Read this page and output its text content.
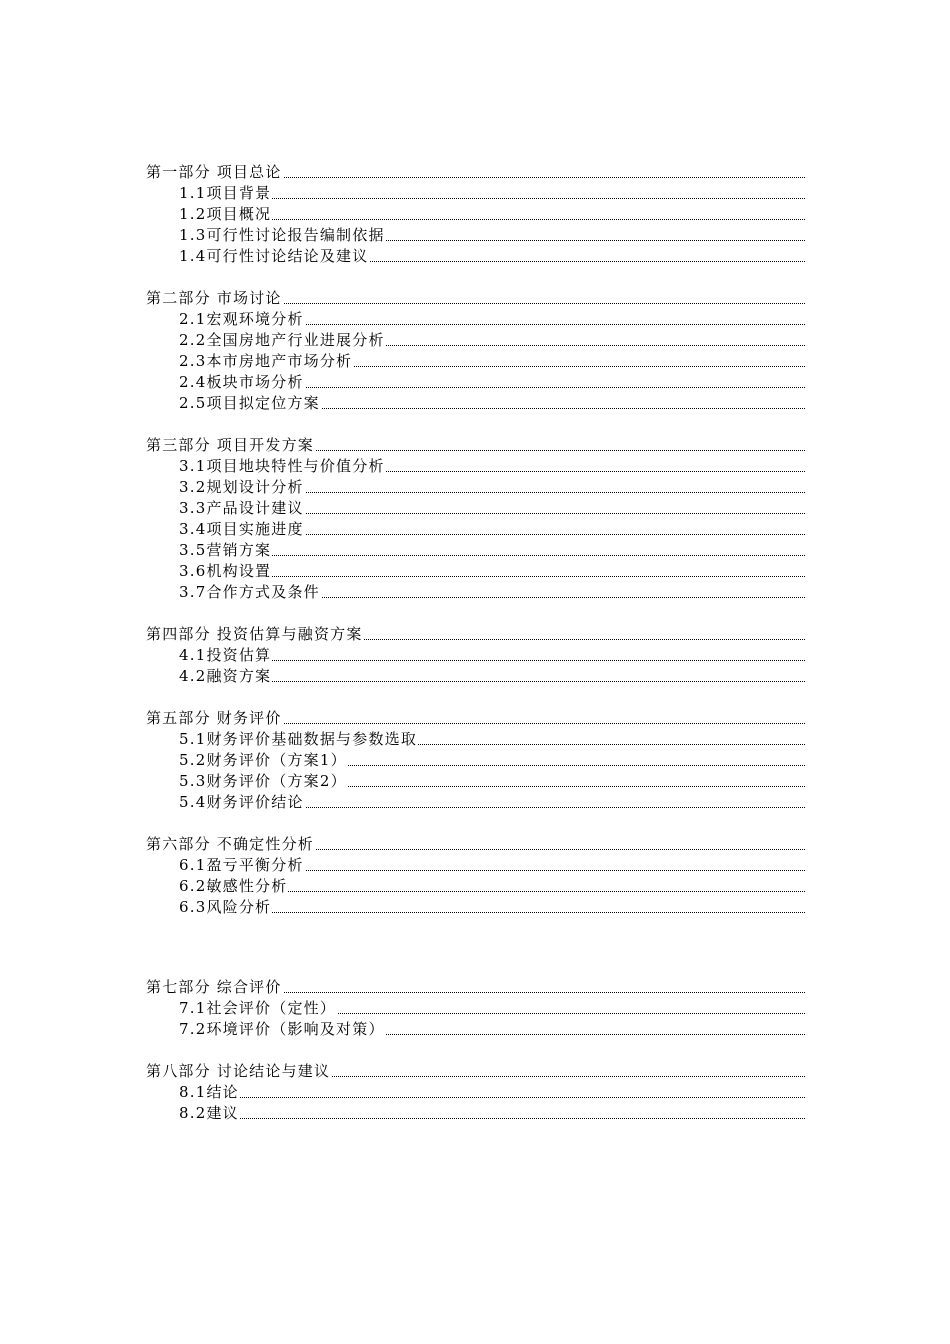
第一部分 项目总论
1.1项目背景
1.2项目概况
1.3可行性讨论报告编制依据
1.4可行性讨论结论及建议
第二部分 市场讨论
2.1宏观环境分析
2.2全国房地产行业进展分析
2.3本市房地产市场分析
2.4板块市场分析
2.5项目拟定位方案
第三部分 项目开发方案
3.1项目地块特性与价值分析
3.2规划设计分析
3.3产品设计建议
3.4项目实施进度
3.5营销方案
3.6机构设置
3.7合作方式及条件
第四部分 投资估算与融资方案
4.1投资估算
4.2融资方案
第五部分 财务评价
5.1财务评价基础数据与参数选取
5.2财务评价（方案1）
5.3财务评价（方案2）
5.4财务评价结论
第六部分 不确定性分析
6.1盈亏平衡分析
6.2敏感性分析
6.3风险分析
第七部分 综合评价
7.1社会评价（定性）
7.2环境评价（影响及对策）
第八部分 讨论结论与建议
8.1结论
8.2建议
